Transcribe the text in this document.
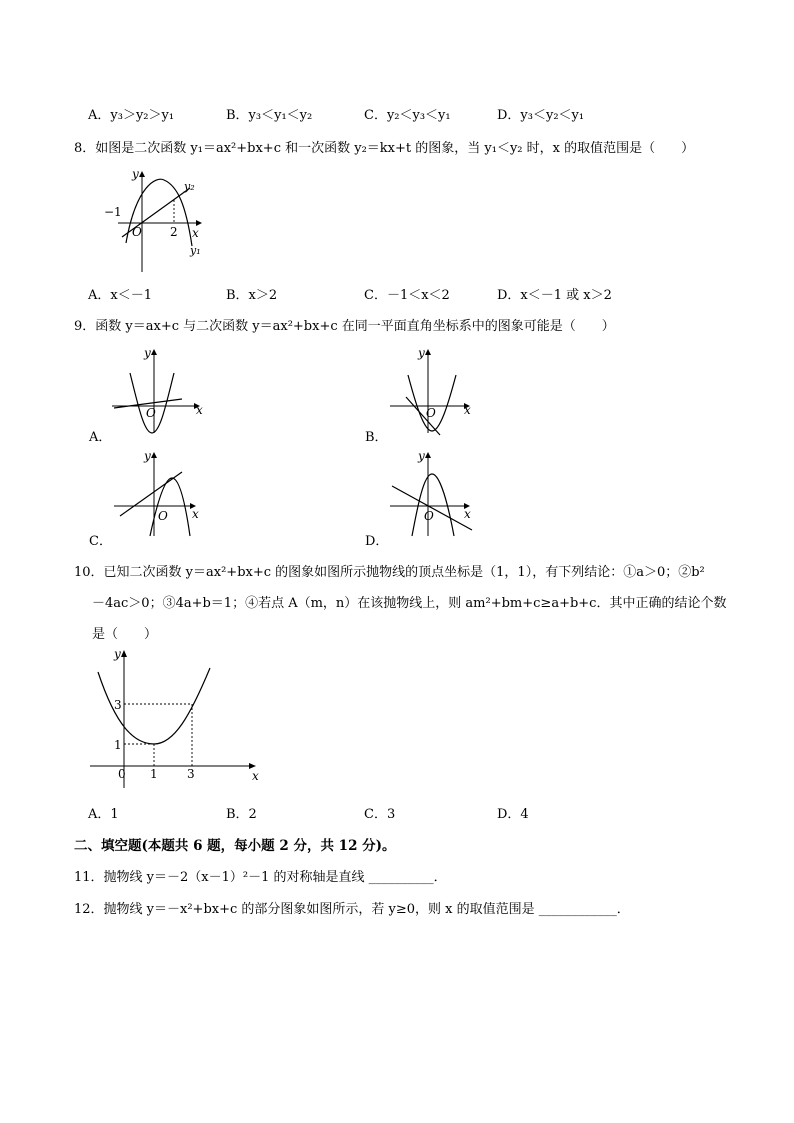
A．y₃＞y₂＞y₁	B．y₃＜y₁＜y₂	C．y₂＜y₃＜y₁	D．y₃＜y₂＜y₁
8．如图是二次函数 y₁＝ax²+bx+c 和一次函数 y₂＝kx+t 的图象，当 y₁＜y₂ 时，x 的取值范围是（　　）
y
x
O
−1
2
y₂
y₁
A．x＜－1	B．x＞2	C．－1＜x＜2	D．x＜－1 或 x＞2
9．函数 y＝ax+c 与二次函数 y＝ax²+bx+c 在同一平面直角坐标系中的图象可能是（　　）
y
x
O
A．
y
x
O
B．
y
x
O
C．
y
x
O
D．
10．已知二次函数 y＝ax²+bx+c 的图象如图所示抛物线的顶点坐标是（1，1），有下列结论：①a＞0；②b²
－4ac＞0；③4a+b＝1；④若点 A（m，n）在该抛物线上，则 am²+bm+c≥a+b+c．其中正确的结论个数
是（　　）
y
x
0 1 3
1
3
A．1	B．2	C．3	D．4
二、填空题(本题共 6 题，每小题 2 分，共 12 分)。
11．抛物线 y＝－2（x－1）²－1 的对称轴是直线 __________．
12．抛物线 y＝－x²+bx+c 的部分图象如图所示，若 y≥0，则 x 的取值范围是 ____________．
